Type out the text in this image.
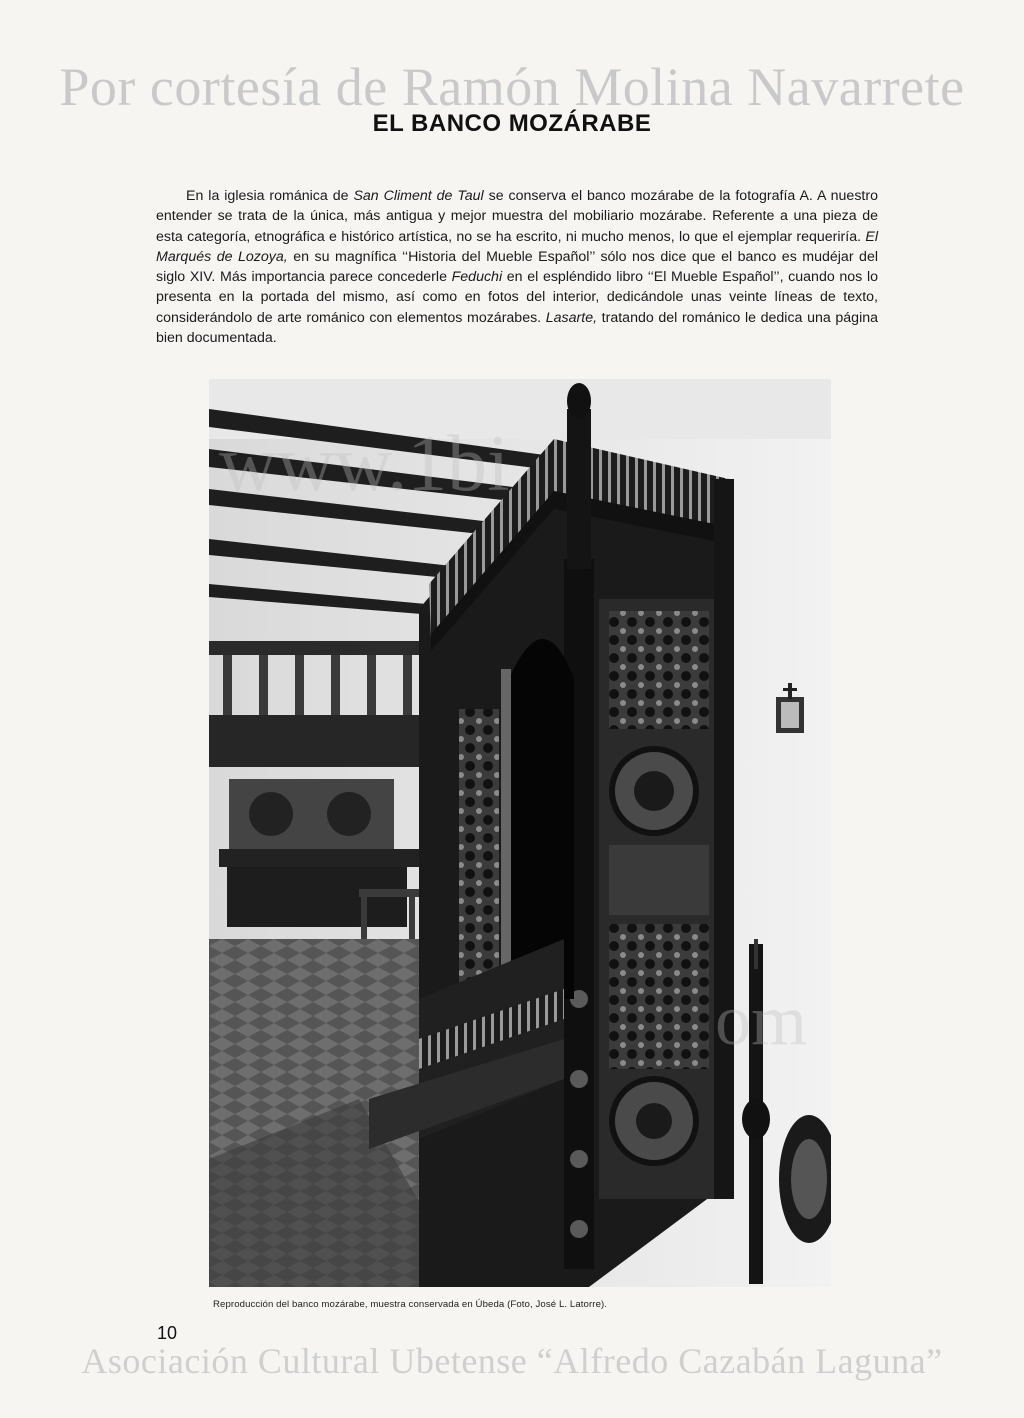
Por cortesía de Ramón Molina Navarrete
EL BANCO MOZÁRABE

En la iglesia románica de San Climent de Taul se conserva el banco mozárabe de la fotografía A. A nuestro entender se trata de la única, más antigua y mejor muestra del mobiliario mozárabe. Referente a una pieza de esta categoría, etnográfica e histórico artística, no se ha escrito, ni mucho menos, lo que el ejemplar requeriría. El Marqués de Lozoya, en su magnífica ‘‘Historia del Mueble Español’’ sólo nos dice que el banco es mudéjar del siglo XIV. Más importancia parece concederle Feduchi en el espléndido libro ‘‘El Mueble Español’’, cuando nos lo presenta en la portada del mismo, así como en fotos del interior, dedicándole unas veinte líneas de texto, considerándolo de arte románico con elementos mozárabes. Lasarte, tratando del románico le dedica una página bien documentada.

www.1bi
om
Reproducción del banco mozárabe, muestra conservada en Úbeda (Foto, José L. Latorre).
10
Asociación Cultural Ubetense “Alfredo Cazabán Laguna”
